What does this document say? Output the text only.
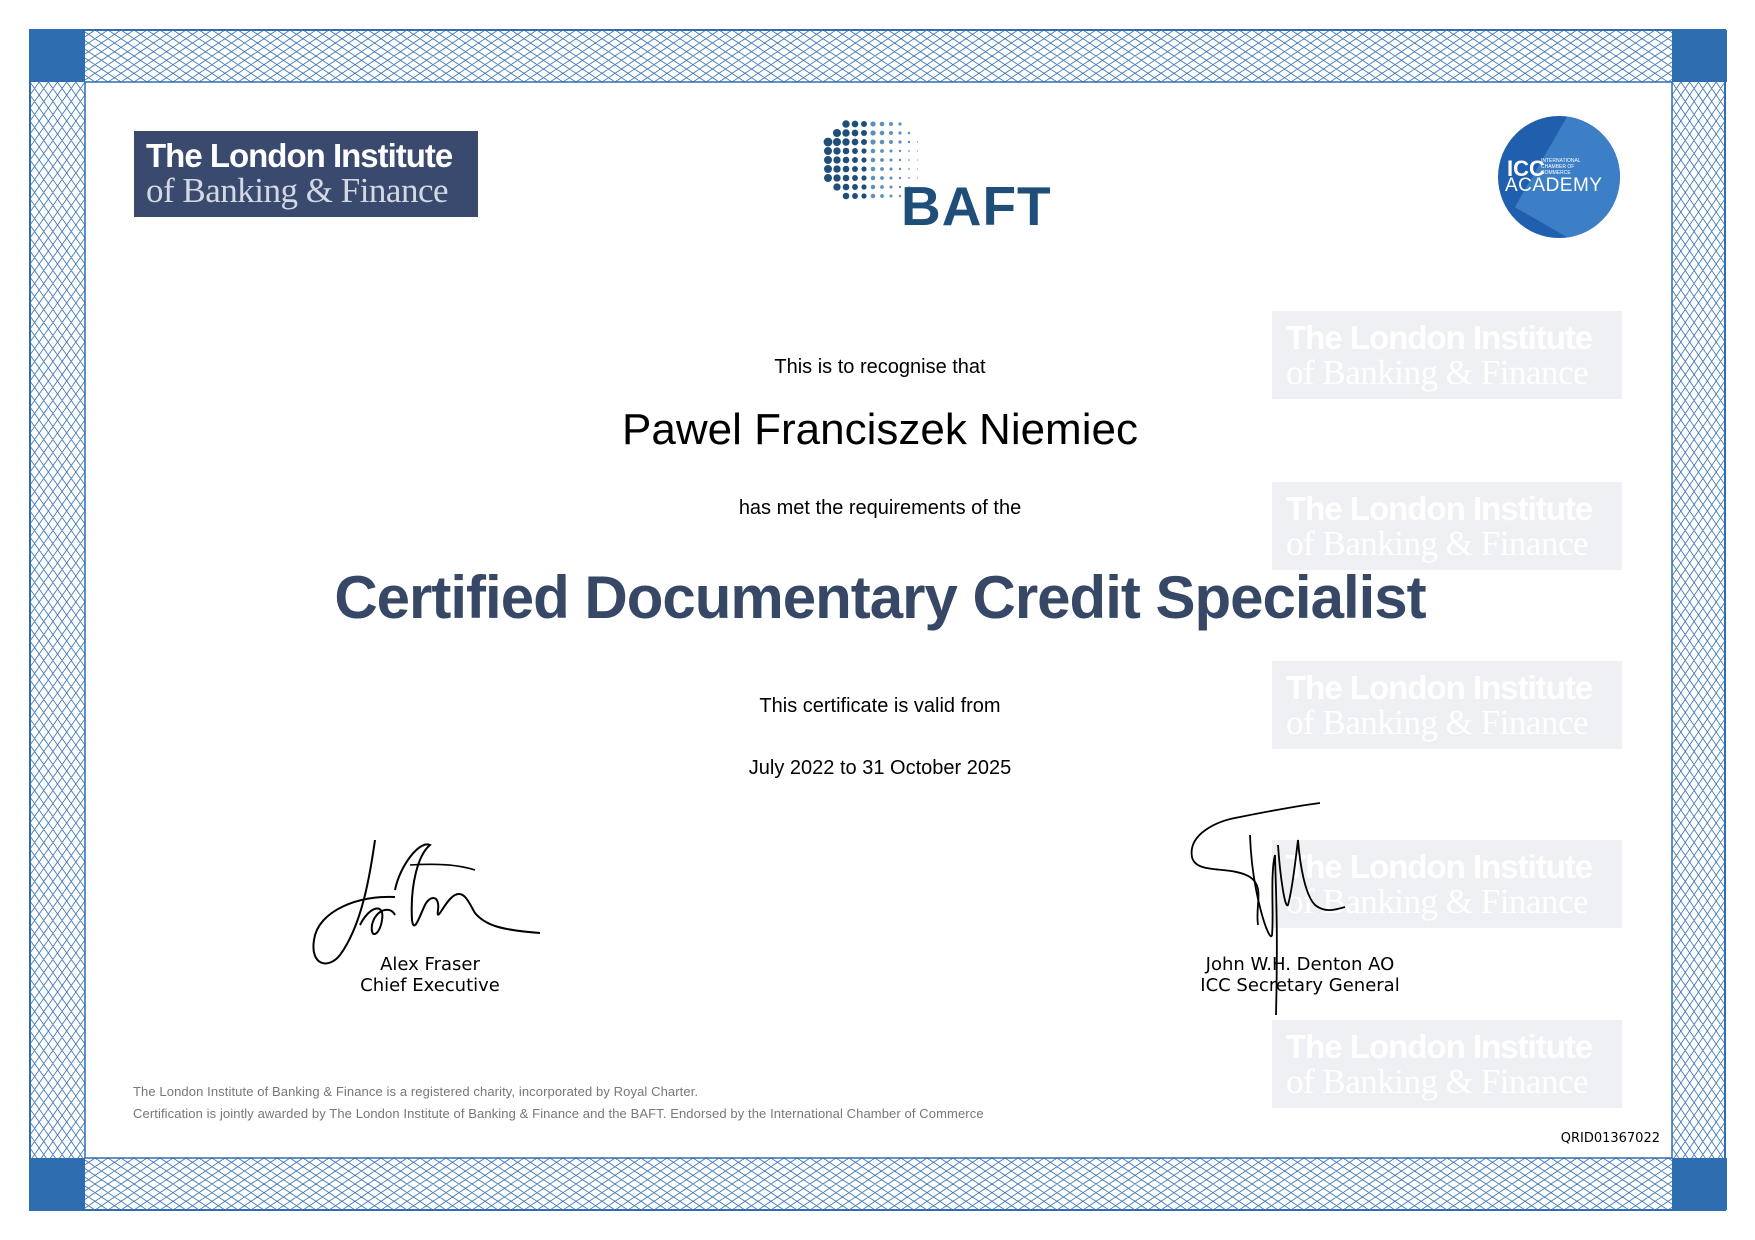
The London Institute
of Banking & Finance	BAFT
ICC
INTERNATIONAL CHAMBER OF COMMERCE
ACADEMY
The London Institute
of Banking & Finance
The London Institute
of Banking & Finance
The London Institute
of Banking & Finance
The London Institute
of Banking & Finance
The London Institute
of Banking & Finance
This is to recognise that
Pawel Franciszek Niemiec
has met the requirements of the
Certified Documentary Credit Specialist
This certificate is valid from
July 2022 to 31 October 2025
Alex Fraser
Chief Executive
John W.H. Denton AO
ICC Secretary General
The London Institute of Banking & Finance is a registered charity, incorporated by Royal Charter.
Certification is jointly awarded by The London Institute of Banking & Finance and the BAFT. Endorsed by the International Chamber of Commerce
QRID01367022
